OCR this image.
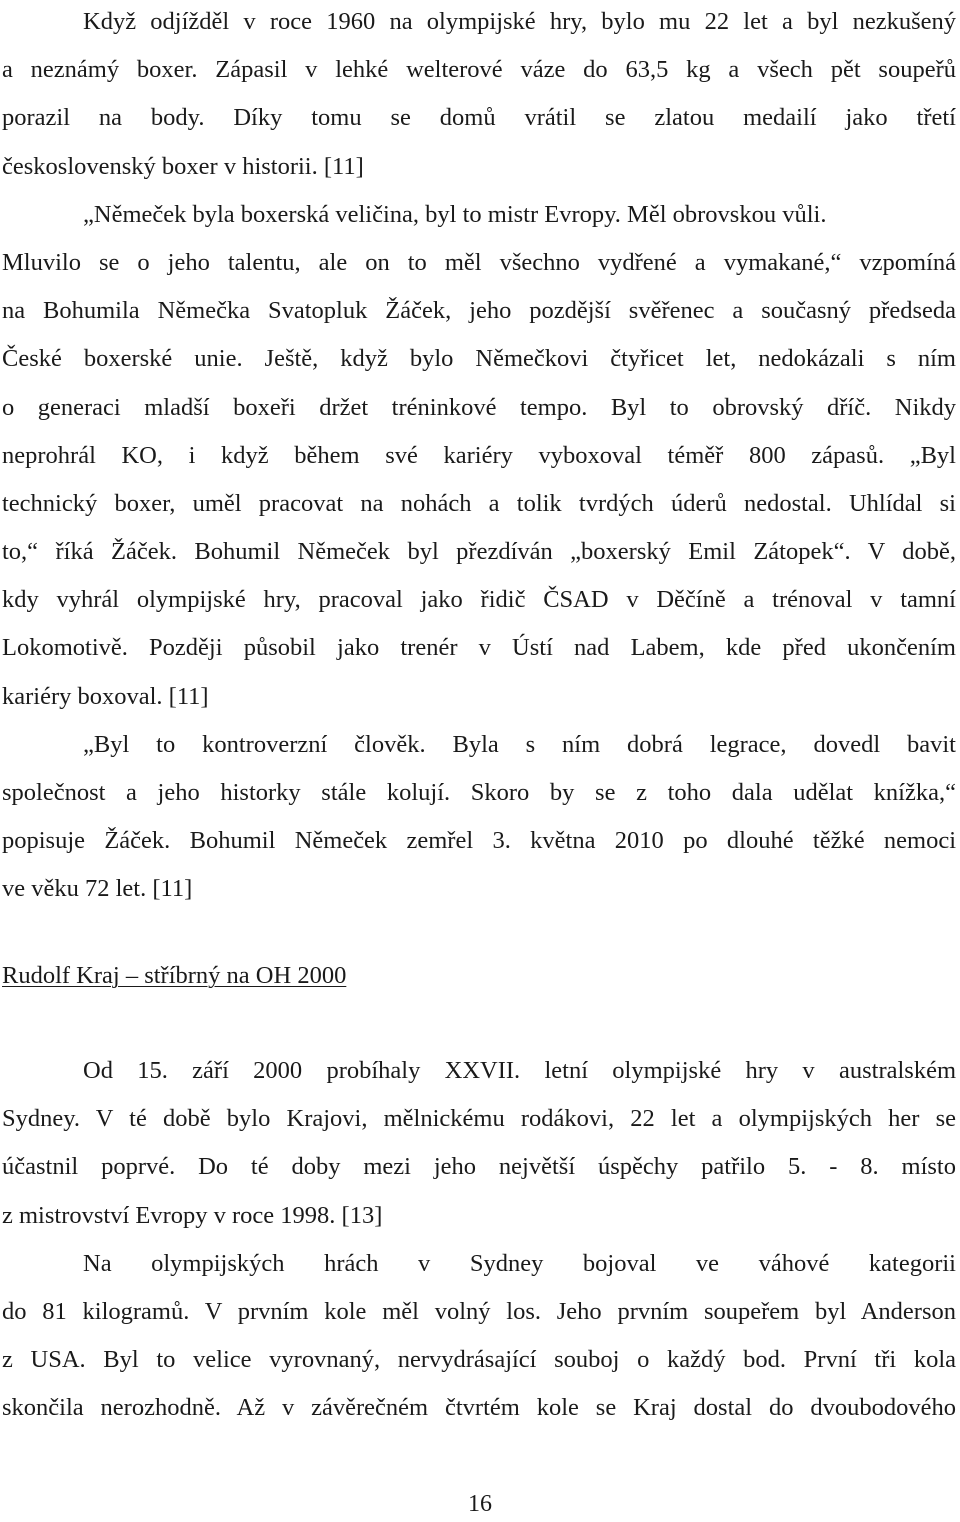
Když odjížděl v roce 1960 na olympijské hry, bylo mu 22 let a byl nezkušený
a neznámý boxer. Zápasil v lehké welterové váze do 63,5 kg a všech pět soupeřů
porazil na body. Díky tomu se domů vrátil se zlatou medailí jako třetí
československý boxer v historii. [11]
„Němeček byla boxerská veličina, byl to mistr Evropy. Měl obrovskou vůli.
Mluvilo se o jeho talentu, ale on to měl všechno vydřené a vymakané,“ vzpomíná
na Bohumila Němečka Svatopluk Žáček, jeho pozdější svěřenec a současný předseda
České boxerské unie. Ještě, když bylo Němečkovi čtyřicet let, nedokázali s ním
o generaci mladší boxeři držet tréninkové tempo. Byl to obrovský dříč. Nikdy
neprohrál KO, i když během své kariéry vyboxoval téměř 800 zápasů. „Byl
technický boxer, uměl pracovat na nohách a tolik tvrdých úderů nedostal. Uhlídal si
to,“ říká Žáček. Bohumil Němeček byl přezdíván „boxerský Emil Zátopek“. V době,
kdy vyhrál olympijské hry, pracoval jako řidič ČSAD v Děčíně a trénoval v tamní
Lokomotivě. Později působil jako trenér v Ústí nad Labem, kde před ukončením
kariéry boxoval. [11]
„Byl to kontroverzní člověk. Byla s ním dobrá legrace, dovedl bavit
společnost a jeho historky stále kolují. Skoro by se z toho dala udělat knížka,“
popisuje Žáček. Bohumil Němeček zemřel 3. května 2010 po dlouhé těžké nemoci
ve věku 72 let. [11]
Rudolf Kraj – stříbrný na OH 2000
Od 15. září 2000 probíhaly XXVII. letní olympijské hry v australském
Sydney. V té době bylo Krajovi, mělnickému rodákovi, 22 let a olympijských her se
účastnil poprvé. Do té doby mezi jeho největší úspěchy patřilo 5. - 8. místo
z mistrovství Evropy v roce 1998. [13]
Na olympijských hrách v Sydney bojoval ve váhové kategorii
do 81 kilogramů. V prvním kole měl volný los. Jeho prvním soupeřem byl Anderson
z USA. Byl to velice vyrovnaný, nervydrásající souboj o každý bod. První tři kola
skončila nerozhodně. Až v závěrečném čtvrtém kole se Kraj dostal do dvoubodového
16
